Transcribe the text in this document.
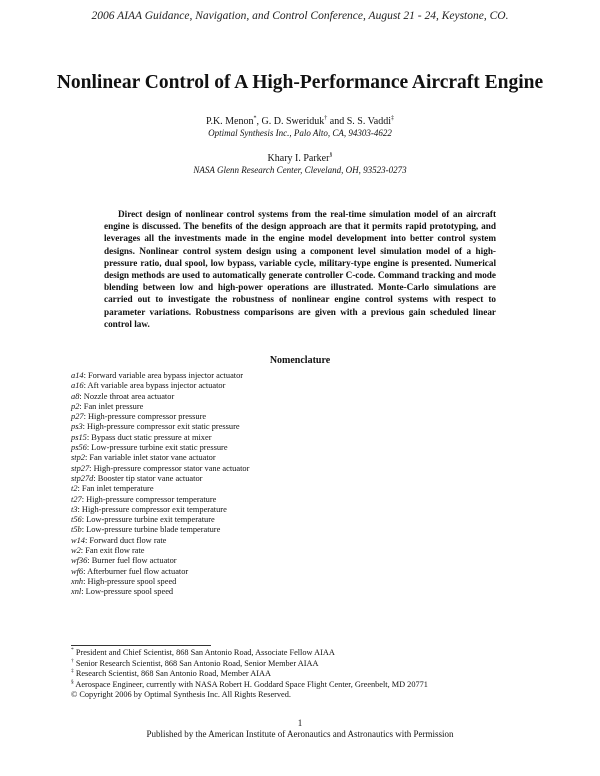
2006 AIAA Guidance, Navigation, and Control Conference, August 21 - 24, Keystone, CO.
Nonlinear Control of A High-Performance Aircraft Engine
P.K. Menon*, G. D. Sweriduk† and S. S. Vaddi‡
Optimal Synthesis Inc., Palo Alto, CA, 94303-4622
Khary I. Parker§
NASA Glenn Research Center, Cleveland, OH, 93523-0273
Direct design of nonlinear control systems from the real-time simulation model of an aircraft engine is discussed. The benefits of the design approach are that it permits rapid prototyping, and leverages all the investments made in the engine model development into better control system designs. Nonlinear control system design using a component level simulation model of a high-pressure ratio, dual spool, low bypass, variable cycle, military-type engine is presented. Numerical design methods are used to automatically generate controller C-code. Command tracking and mode blending between low and high-power operations are illustrated. Monte-Carlo simulations are carried out to investigate the robustness of nonlinear engine control systems with respect to parameter variations. Robustness comparisons are given with a previous gain scheduled linear control law.
Nomenclature
a14: Forward variable area bypass injector actuator
a16: Aft variable area bypass injector actuator
a8: Nozzle throat area actuator
p2: Fan inlet pressure
p27: High-pressure compressor pressure
ps3: High-pressure compressor exit static pressure
ps15: Bypass duct static pressure at mixer
ps56: Low-pressure turbine exit static pressure
stp2: Fan variable inlet stator vane actuator
stp27: High-pressure compressor stator vane actuator
stp27d: Booster tip stator vane actuator
t2: Fan inlet temperature
t27: High-pressure compressor temperature
t3: High-pressure compressor exit temperature
t56: Low-pressure turbine exit temperature
t5b: Low-pressure turbine blade temperature
w14: Forward duct flow rate
w2: Fan exit flow rate
wf36: Burner fuel flow actuator
wf6: Afterburner fuel flow actuator
xnh: High-pressure spool speed
xnl: Low-pressure spool speed
* President and Chief Scientist, 868 San Antonio Road, Associate Fellow AIAA
† Senior Research Scientist, 868 San Antonio Road, Senior Member AIAA
‡ Research Scientist, 868 San Antonio Road, Member AIAA
§ Aerospace Engineer, currently with NASA Robert H. Goddard Space Flight Center, Greenbelt, MD 20771
© Copyright 2006 by Optimal Synthesis Inc. All Rights Reserved.
1
Published by the American Institute of Aeronautics and Astronautics with Permission
